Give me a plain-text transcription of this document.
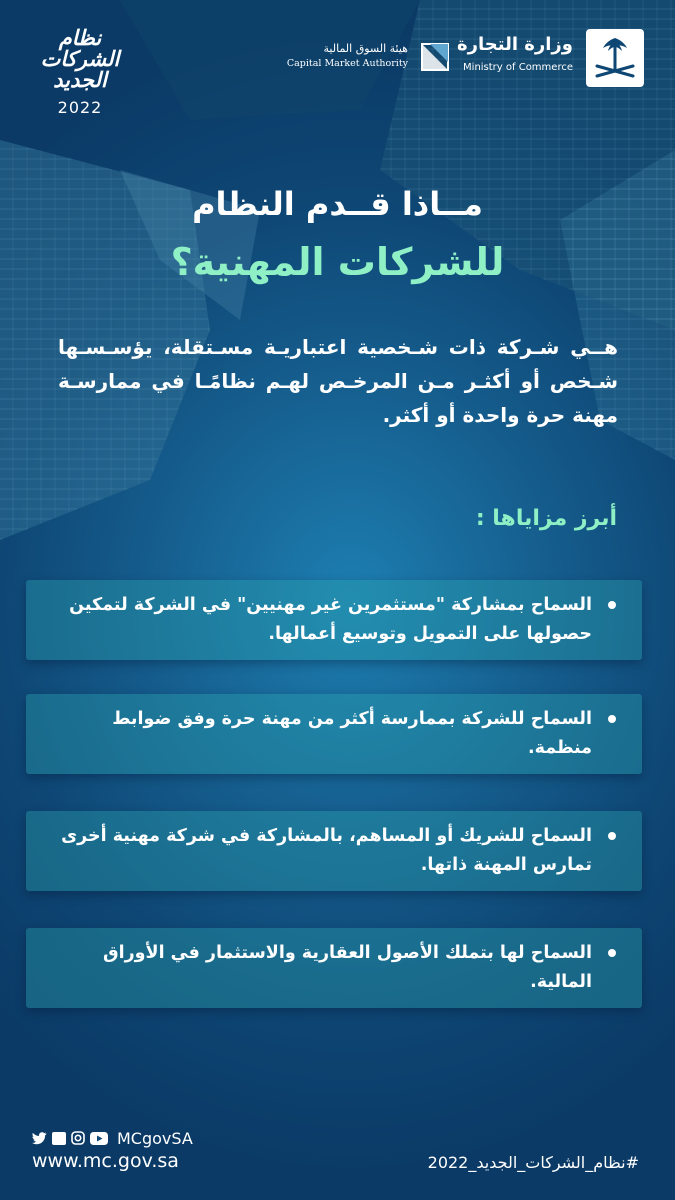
وزارة التجارة
Ministry of Commerce
هيئة السوق المالية
Capital Market Authority
نظام
الشركات
الجديد
2022
مــاذا قــدم النظام
للشركات المهنية؟
هــي شـركة ذات شـخصية اعتباريـة مسـتقلة، يؤسـسـها شـخص أو أكثـر مـن المرخـص لهـم نظامًـا في ممارسـة مهنة حرة واحدة أو أكثر.
أبرز مزاياها :
السماح بمشاركة "مستثمرين غير مهنيين" في الشركة لتمكين حصولها على التمويل وتوسيع أعمالها.
السماح للشركة بممارسة أكثر من مهنة حرة وفق ضوابط منظمة.
السماح للشريك أو المساهم، بالمشاركة في شركة مهنية أخرى تمارس المهنة ذاتها.
السماح لها بتملك الأصول العقارية والاستثمار في الأوراق المالية.
MCgovSA
www.mc.gov.sa	#نظام_الشركات_الجديد_2022
